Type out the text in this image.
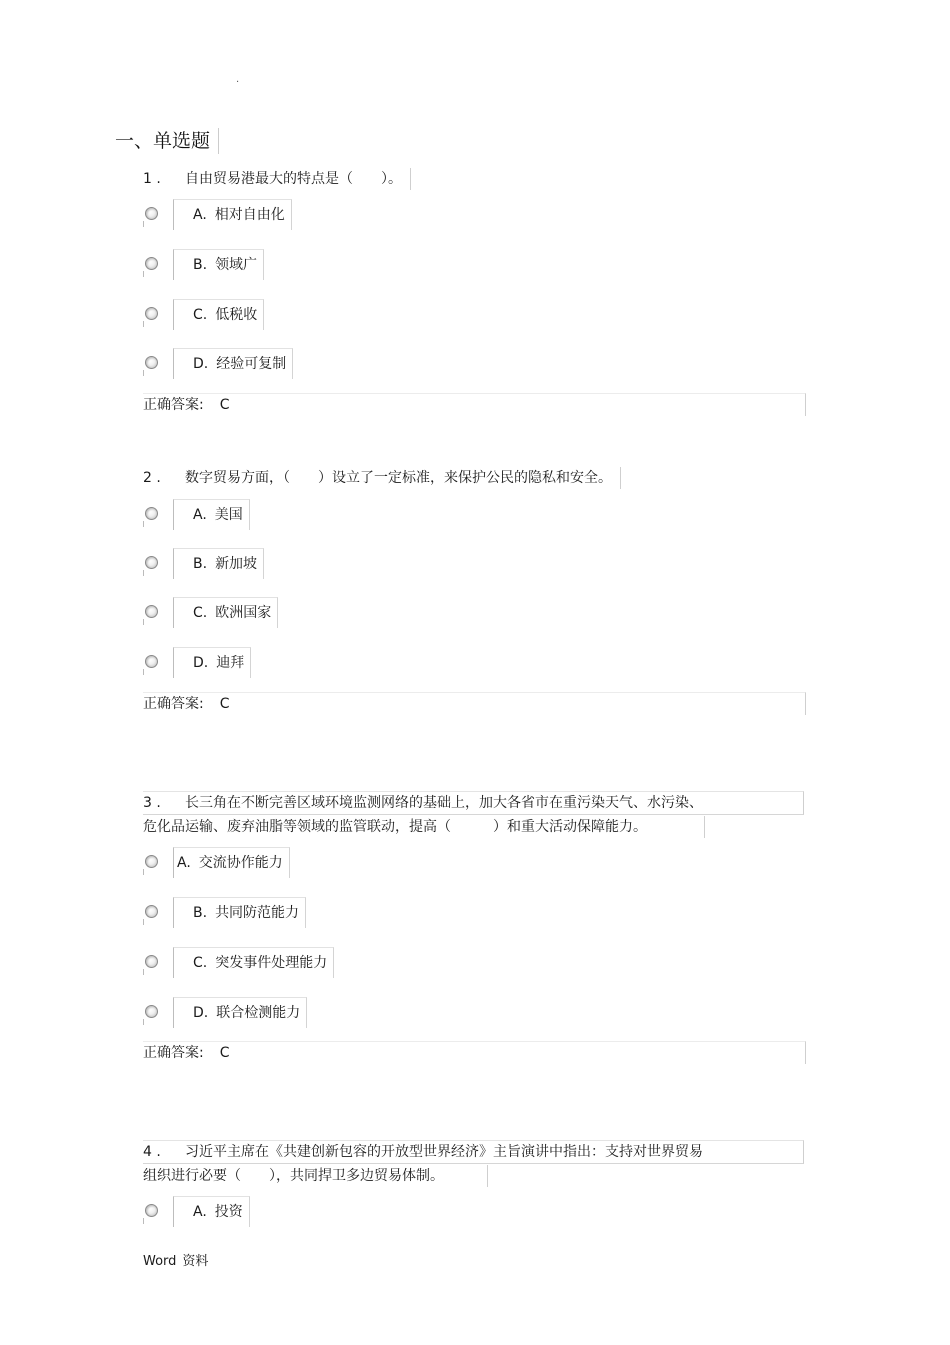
.
一、单选题
1 . 自由贸易港最大的特点是（　　）。
A. 相对自由化
B. 领域广
C. 低税收
D. 经验可复制
正确答案: C
2 . 数字贸易方面，（　　）设立了一定标准，来保护公民的隐私和安全。
A. 美国
B. 新加坡
C. 欧洲国家
D. 迪拜
正确答案: C
3 . 长三角在不断完善区域环境监测网络的基础上，加大各省市在重污染天气、水污染、
危化品运输、废弃油脂等领域的监管联动，提高（　　　）和重大活动保障能力。
A. 交流协作能力
B. 共同防范能力
C. 突发事件处理能力
D. 联合检测能力
正确答案: C
4 . 习近平主席在《共建创新包容的开放型世界经济》主旨演讲中指出：支持对世界贸易
组织进行必要（　　），共同捍卫多边贸易体制。
A. 投资
Word 资料
